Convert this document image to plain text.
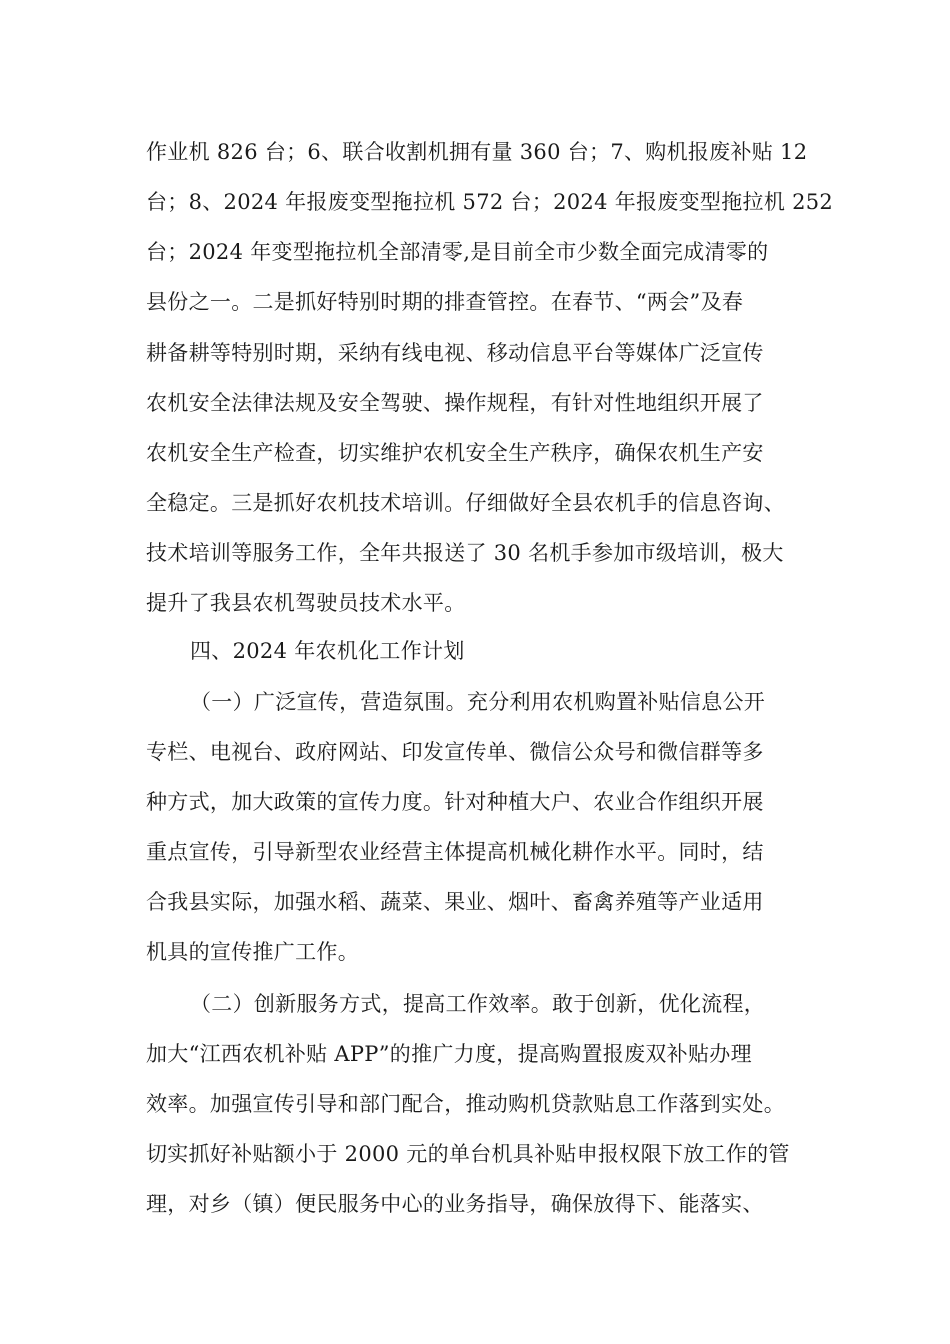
作业机 826 台；6、联合收割机拥有量 360 台；7、购机报废补贴 12
台；8、2024 年报废变型拖拉机 572 台；2024 年报废变型拖拉机 252
台；2024 年变型拖拉机全部清零,是目前全市少数全面完成清零的
县份之一。二是抓好特别时期的排查管控。在春节、“两会”及春
耕备耕等特别时期，采纳有线电视、移动信息平台等媒体广泛宣传
农机安全法律法规及安全驾驶、操作规程，有针对性地组织开展了
农机安全生产检查，切实维护农机安全生产秩序，确保农机生产安
全稳定。三是抓好农机技术培训。仔细做好全县农机手的信息咨询、
技术培训等服务工作，全年共报送了 30 名机手参加市级培训，极大
提升了我县农机驾驶员技术水平。
四、2024 年农机化工作计划
（一）广泛宣传，营造氛围。充分利用农机购置补贴信息公开
专栏、电视台、政府网站、印发宣传单、微信公众号和微信群等多
种方式，加大政策的宣传力度。针对种植大户、农业合作组织开展
重点宣传，引导新型农业经营主体提高机械化耕作水平。同时，结
合我县实际，加强水稻、蔬菜、果业、烟叶、畜禽养殖等产业适用
机具的宣传推广工作。
（二）创新服务方式，提高工作效率。敢于创新，优化流程，
加大“江西农机补贴 APP”的推广力度，提高购置报废双补贴办理
效率。加强宣传引导和部门配合，推动购机贷款贴息工作落到实处。
切实抓好补贴额小于 2000 元的单台机具补贴申报权限下放工作的管
理，对乡（镇）便民服务中心的业务指导，确保放得下、能落实、
